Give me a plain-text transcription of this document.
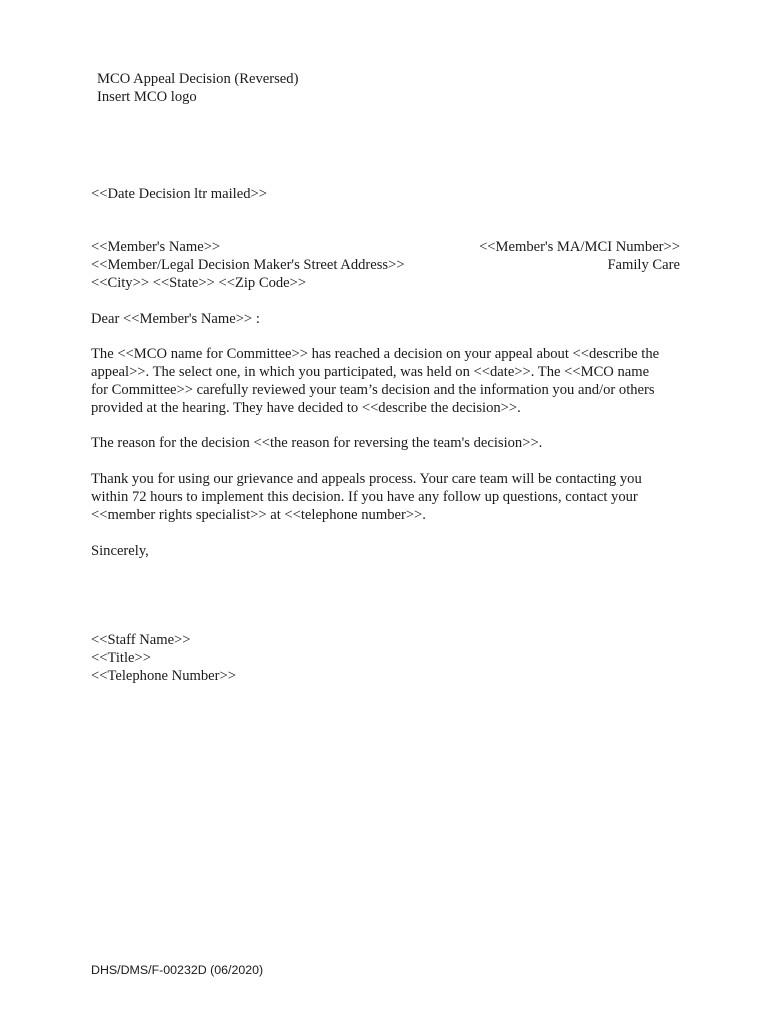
MCO Appeal Decision (Reversed)
Insert MCO logo
<<Date Decision ltr mailed>>
<<Member's Name>>
<<Member/Legal Decision Maker's Street Address>>
<<City>> <<State>> <<Zip Code>>
<<Member's MA/MCI Number>>
Family Care
Dear <<Member's Name>> :

The <<MCO name for Committee>> has reached a decision on your appeal about <<describe the

appeal>>. The select one, in which you participated, was held on <<date>>. The <<MCO name

for Committee>> carefully reviewed your team’s decision and the information you and/or others

provided at the hearing. They have decided to <<describe the decision>>.

The reason for the decision <<the reason for reversing the team's decision>>.

Thank you for using our grievance and appeals process. Your care team will be contacting you

within 72 hours to implement this decision. If you have any follow up questions, contact your

<<member rights specialist>> at <<telephone number>>.

Sincerely,
<<Staff Name>>
<<Title>>
<<Telephone Number>>
DHS/DMS/F-00232D (06/2020)
